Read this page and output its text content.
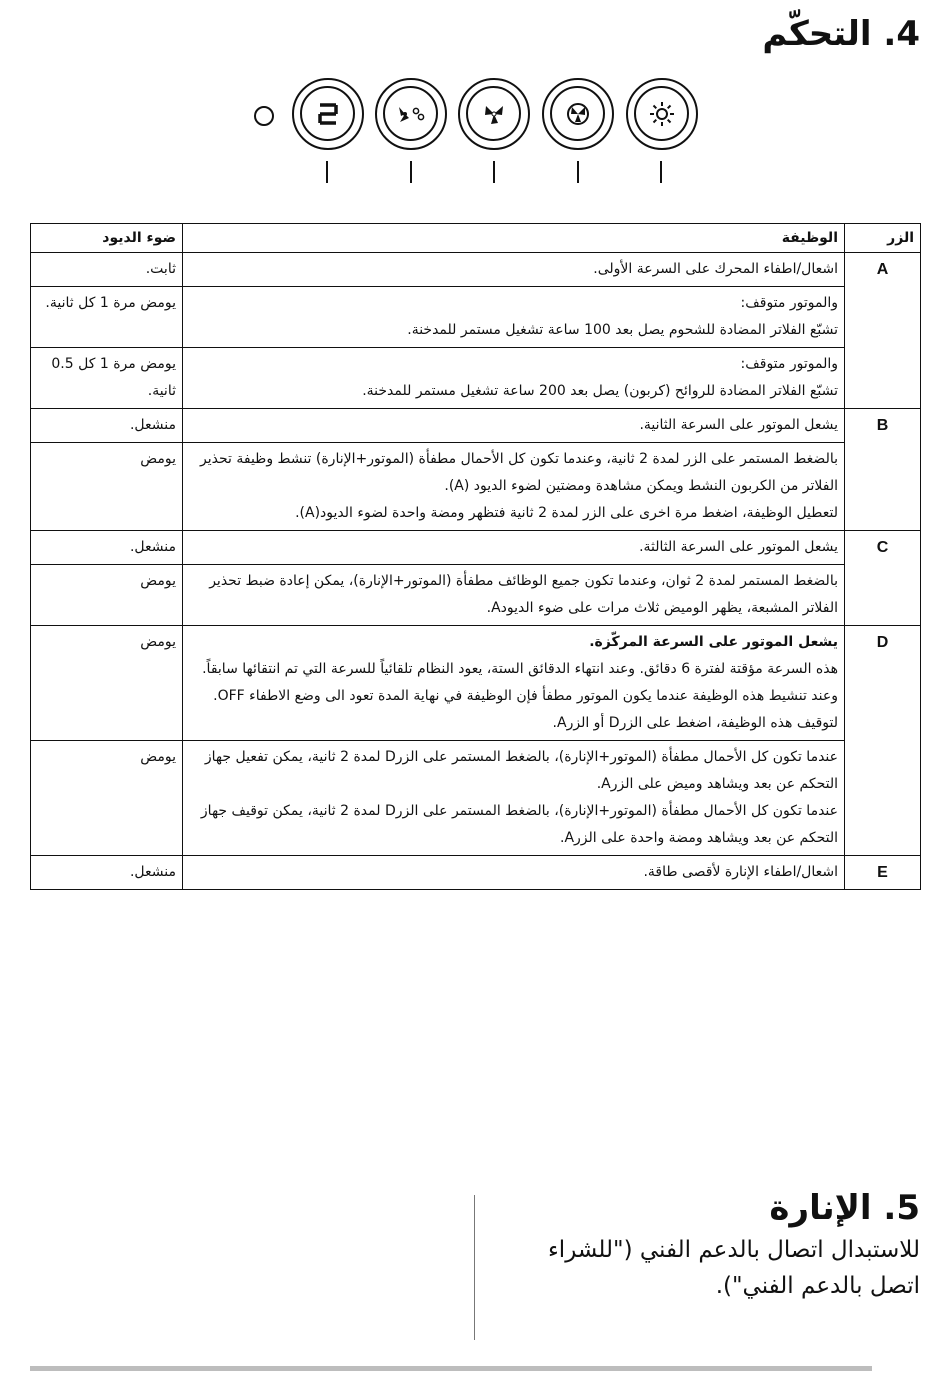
4. التحكّم
الزر	الوظيفة	ضوء الديود
A	اشعال/اطفاء المحرك على السرعة الأولى.	ثابت.

	والموتور متوقف:
تشبّع الفلاتر المضادة للشحوم يصل بعد 100 ساعة تشغيل مستمر للمدخنة.	يومض مرة 1 كل ثانية.

	والموتور متوقف:
تشبّع الفلاتر المضادة للروائح (كربون) يصل بعد 200 ساعة تشغيل مستمر للمدخنة.	يومض مرة 1 كل 0.5 ثانية.
B	يشعل الموتور على السرعة الثانية.	منشعل.

	بالضغط المستمر على الزر لمدة 2 ثانية، وعندما تكون كل الأحمال مطفأة (الموتور+الإنارة) تنشط وظيفة تحذير الفلاتر من الكربون النشط ويمكن مشاهدة ومضتين لضوء الديود (A).
لتعطيل الوظيفة، اضغط مرة اخرى على الزر لمدة 2 ثانية فتظهر ومضة واحدة لضوء الديود(A).	يومض
C	يشعل الموتور على السرعة الثالثة.	منشعل.

	بالضغط المستمر لمدة 2 ثوان، وعندما تكون جميع الوظائف مطفأة (الموتور+الإنارة)، يمكن إعادة ضبط تحذير الفلاتر المشبعة، يظهر الوميض ثلاث مرات على ضوء الديودA.	يومض
D	يشعل الموتور على السرعة المركّزة.
هذه السرعة مؤقتة لفترة 6 دقائق. وعند انتهاء الدقائق الستة، يعود النظام تلقائياً للسرعة التي تم انتقائها سابقاً. وعند تنشيط هذه الوظيفة عندما يكون الموتور مطفأ فإن الوظيفة في نهاية المدة تعود الى وضع الاطفاء OFF.
لتوقيف هذه الوظيفة، اضغط على الزرD أو الزرA.	يومض

	عندما تكون كل الأحمال مطفأة (الموتور+الإنارة)، بالضغط المستمر على الزرD لمدة 2 ثانية، يمكن تفعيل جهاز التحكم عن بعد ويشاهد وميض على الزرA.
عندما تكون كل الأحمال مطفأة (الموتور+الإنارة)، بالضغط المستمر على الزرD لمدة 2 ثانية، يمكن توقيف جهاز التحكم عن بعد ويشاهد ومضة واحدة على الزرA.	يومض
E	اشعال/اطفاء الإنارة لأقصى طاقة.	منشعل.
5. الإنارة
للاستبدال اتصال بالدعم الفني ("للشراء اتصل بالدعم الفني").
